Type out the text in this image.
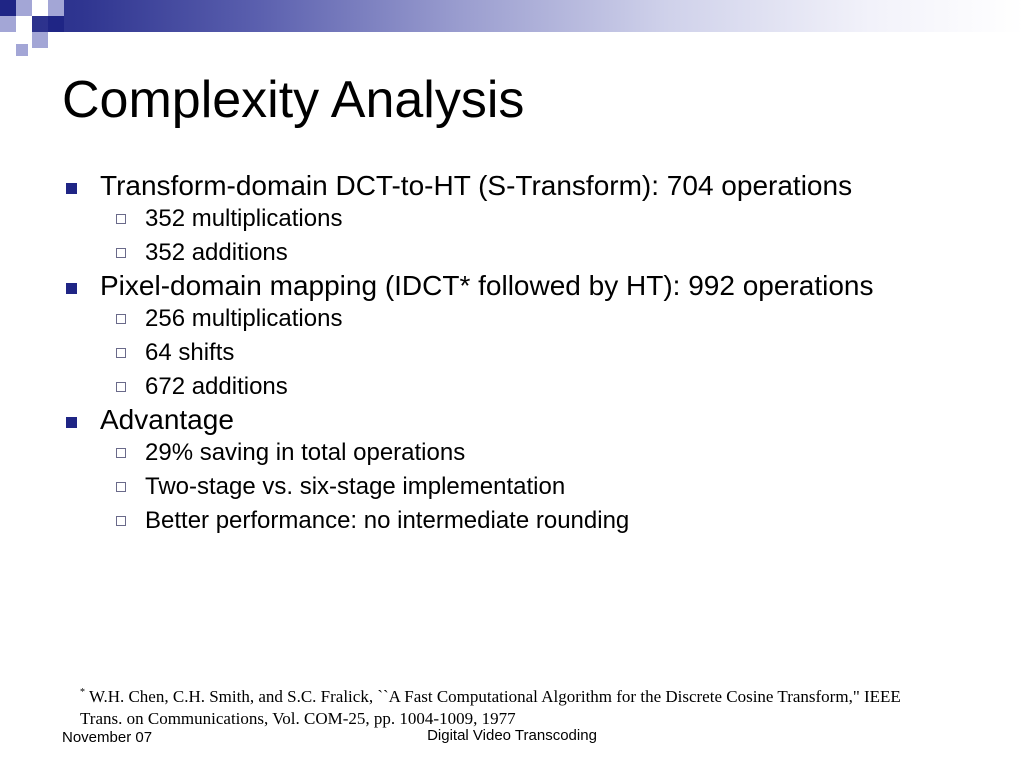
Complexity Analysis
Transform-domain DCT-to-HT (S-Transform): 704 operations
352 multiplications
352 additions
Pixel-domain mapping (IDCT* followed by HT): 992 operations
256 multiplications
64 shifts
672 additions
Advantage
29% saving in total operations
Two-stage vs. six-stage implementation
Better performance: no intermediate rounding
* W.H. Chen, C.H. Smith, and S.C. Fralick, ``A Fast Computational Algorithm for the Discrete Cosine Transform," IEEE Trans. on Communications, Vol. COM-25, pp. 1004-1009, 1977
November 07	Digital Video Transcoding
